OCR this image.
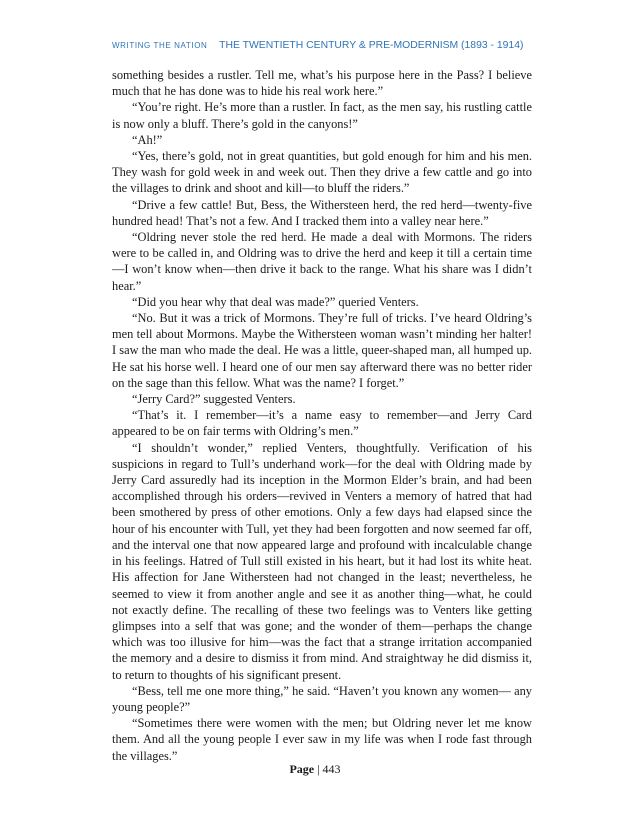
WRITING THE NATION THE TWENTIETH CENTURY & PRE-MODERNISM (1893 - 1914)

something besides a rustler. Tell me, what’s his purpose here in the Pass? I believe much that he has done was to hide his real work here.”

“You’re right. He’s more than a rustler. In fact, as the men say, his rustling cattle is now only a bluff. There’s gold in the canyons!”

“Ah!”

“Yes, there’s gold, not in great quantities, but gold enough for him and his men. They wash for gold week in and week out. Then they drive a few cattle and go into the villages to drink and shoot and kill—to bluff the riders.”

“Drive a few cattle! But, Bess, the Withersteen herd, the red herd—twenty-five hundred head! That’s not a few. And I tracked them into a valley near here.”

“Oldring never stole the red herd. He made a deal with Mormons. The riders were to be called in, and Oldring was to drive the herd and keep it till a certain time—I won’t know when—then drive it back to the range. What his share was I didn’t hear.”

“Did you hear why that deal was made?” queried Venters.

“No. But it was a trick of Mormons. They’re full of tricks. I’ve heard Oldring’s men tell about Mormons. Maybe the Withersteen woman wasn’t minding her halter! I saw the man who made the deal. He was a little, queer-shaped man, all humped up. He sat his horse well. I heard one of our men say afterward there was no better rider on the sage than this fellow. What was the name? I forget.”

“Jerry Card?” suggested Venters.

“That’s it. I remember—it’s a name easy to remember—and Jerry Card appeared to be on fair terms with Oldring’s men.”

“I shouldn’t wonder,” replied Venters, thoughtfully. Verification of his suspicions in regard to Tull’s underhand work—for the deal with Oldring made by Jerry Card assuredly had its inception in the Mormon Elder’s brain, and had been accomplished through his orders—revived in Venters a memory of hatred that had been smothered by press of other emotions. Only a few days had elapsed since the hour of his encounter with Tull, yet they had been forgotten and now seemed far off, and the interval one that now appeared large and profound with incalculable change in his feelings. Hatred of Tull still existed in his heart, but it had lost its white heat. His affection for Jane Withersteen had not changed in the least; nevertheless, he seemed to view it from another angle and see it as another thing—what, he could not exactly define. The recalling of these two feelings was to Venters like getting glimpses into a self that was gone; and the wonder of them—perhaps the change which was too illusive for him—was the fact that a strange irritation accompanied the memory and a desire to dismiss it from mind. And straightway he did dismiss it, to return to thoughts of his significant present.

“Bess, tell me one more thing,” he said. “Haven’t you known any women— any young people?”

“Sometimes there were women with the men; but Oldring never let me know them. And all the young people I ever saw in my life was when I rode fast through the villages.”

Page | 443
